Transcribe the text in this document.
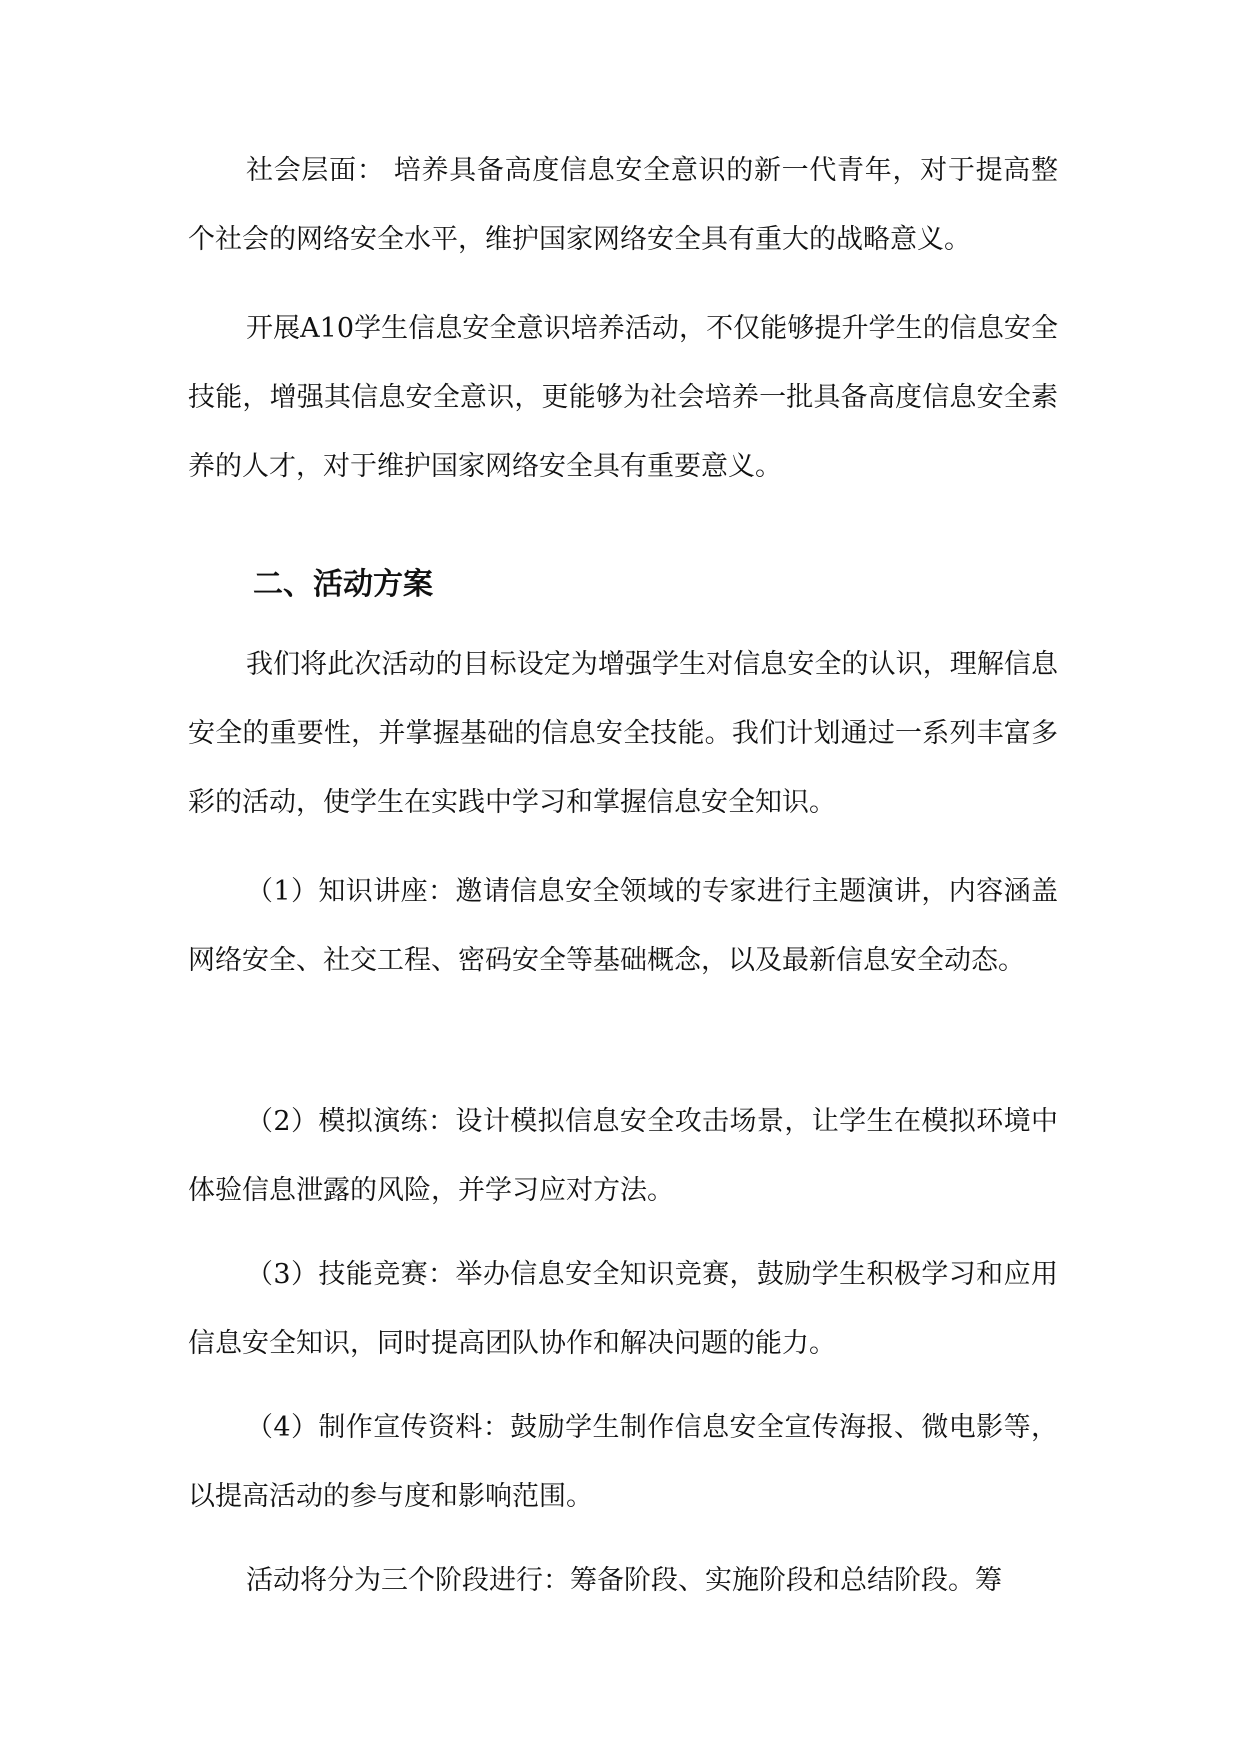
社会层面： 培养具备高度信息安全意识的新一代青年，对于提高整个社会的网络安全水平，维护国家网络安全具有重大的战略意义。

开展A10学生信息安全意识培养活动，不仅能够提升学生的信息安全技能，增强其信息安全意识，更能够为社会培养一批具备高度信息安全素养的人才，对于维护国家网络安全具有重要意义。

二、活动方案

我们将此次活动的目标设定为增强学生对信息安全的认识，理解信息安全的重要性，并掌握基础的信息安全技能。我们计划通过一系列丰富多彩的活动，使学生在实践中学习和掌握信息安全知识。

（1）知识讲座：邀请信息安全领域的专家进行主题演讲，内容涵盖网络安全、社交工程、密码安全等基础概念，以及最新信息安全动态。

（2）模拟演练：设计模拟信息安全攻击场景，让学生在模拟环境中体验信息泄露的风险，并学习应对方法。

（3）技能竞赛：举办信息安全知识竞赛，鼓励学生积极学习和应用信息安全知识，同时提高团队协作和解决问题的能力。

（4）制作宣传资料：鼓励学生制作信息安全宣传海报、微电影等，以提高活动的参与度和影响范围。

活动将分为三个阶段进行：筹备阶段、实施阶段和总结阶段。筹
